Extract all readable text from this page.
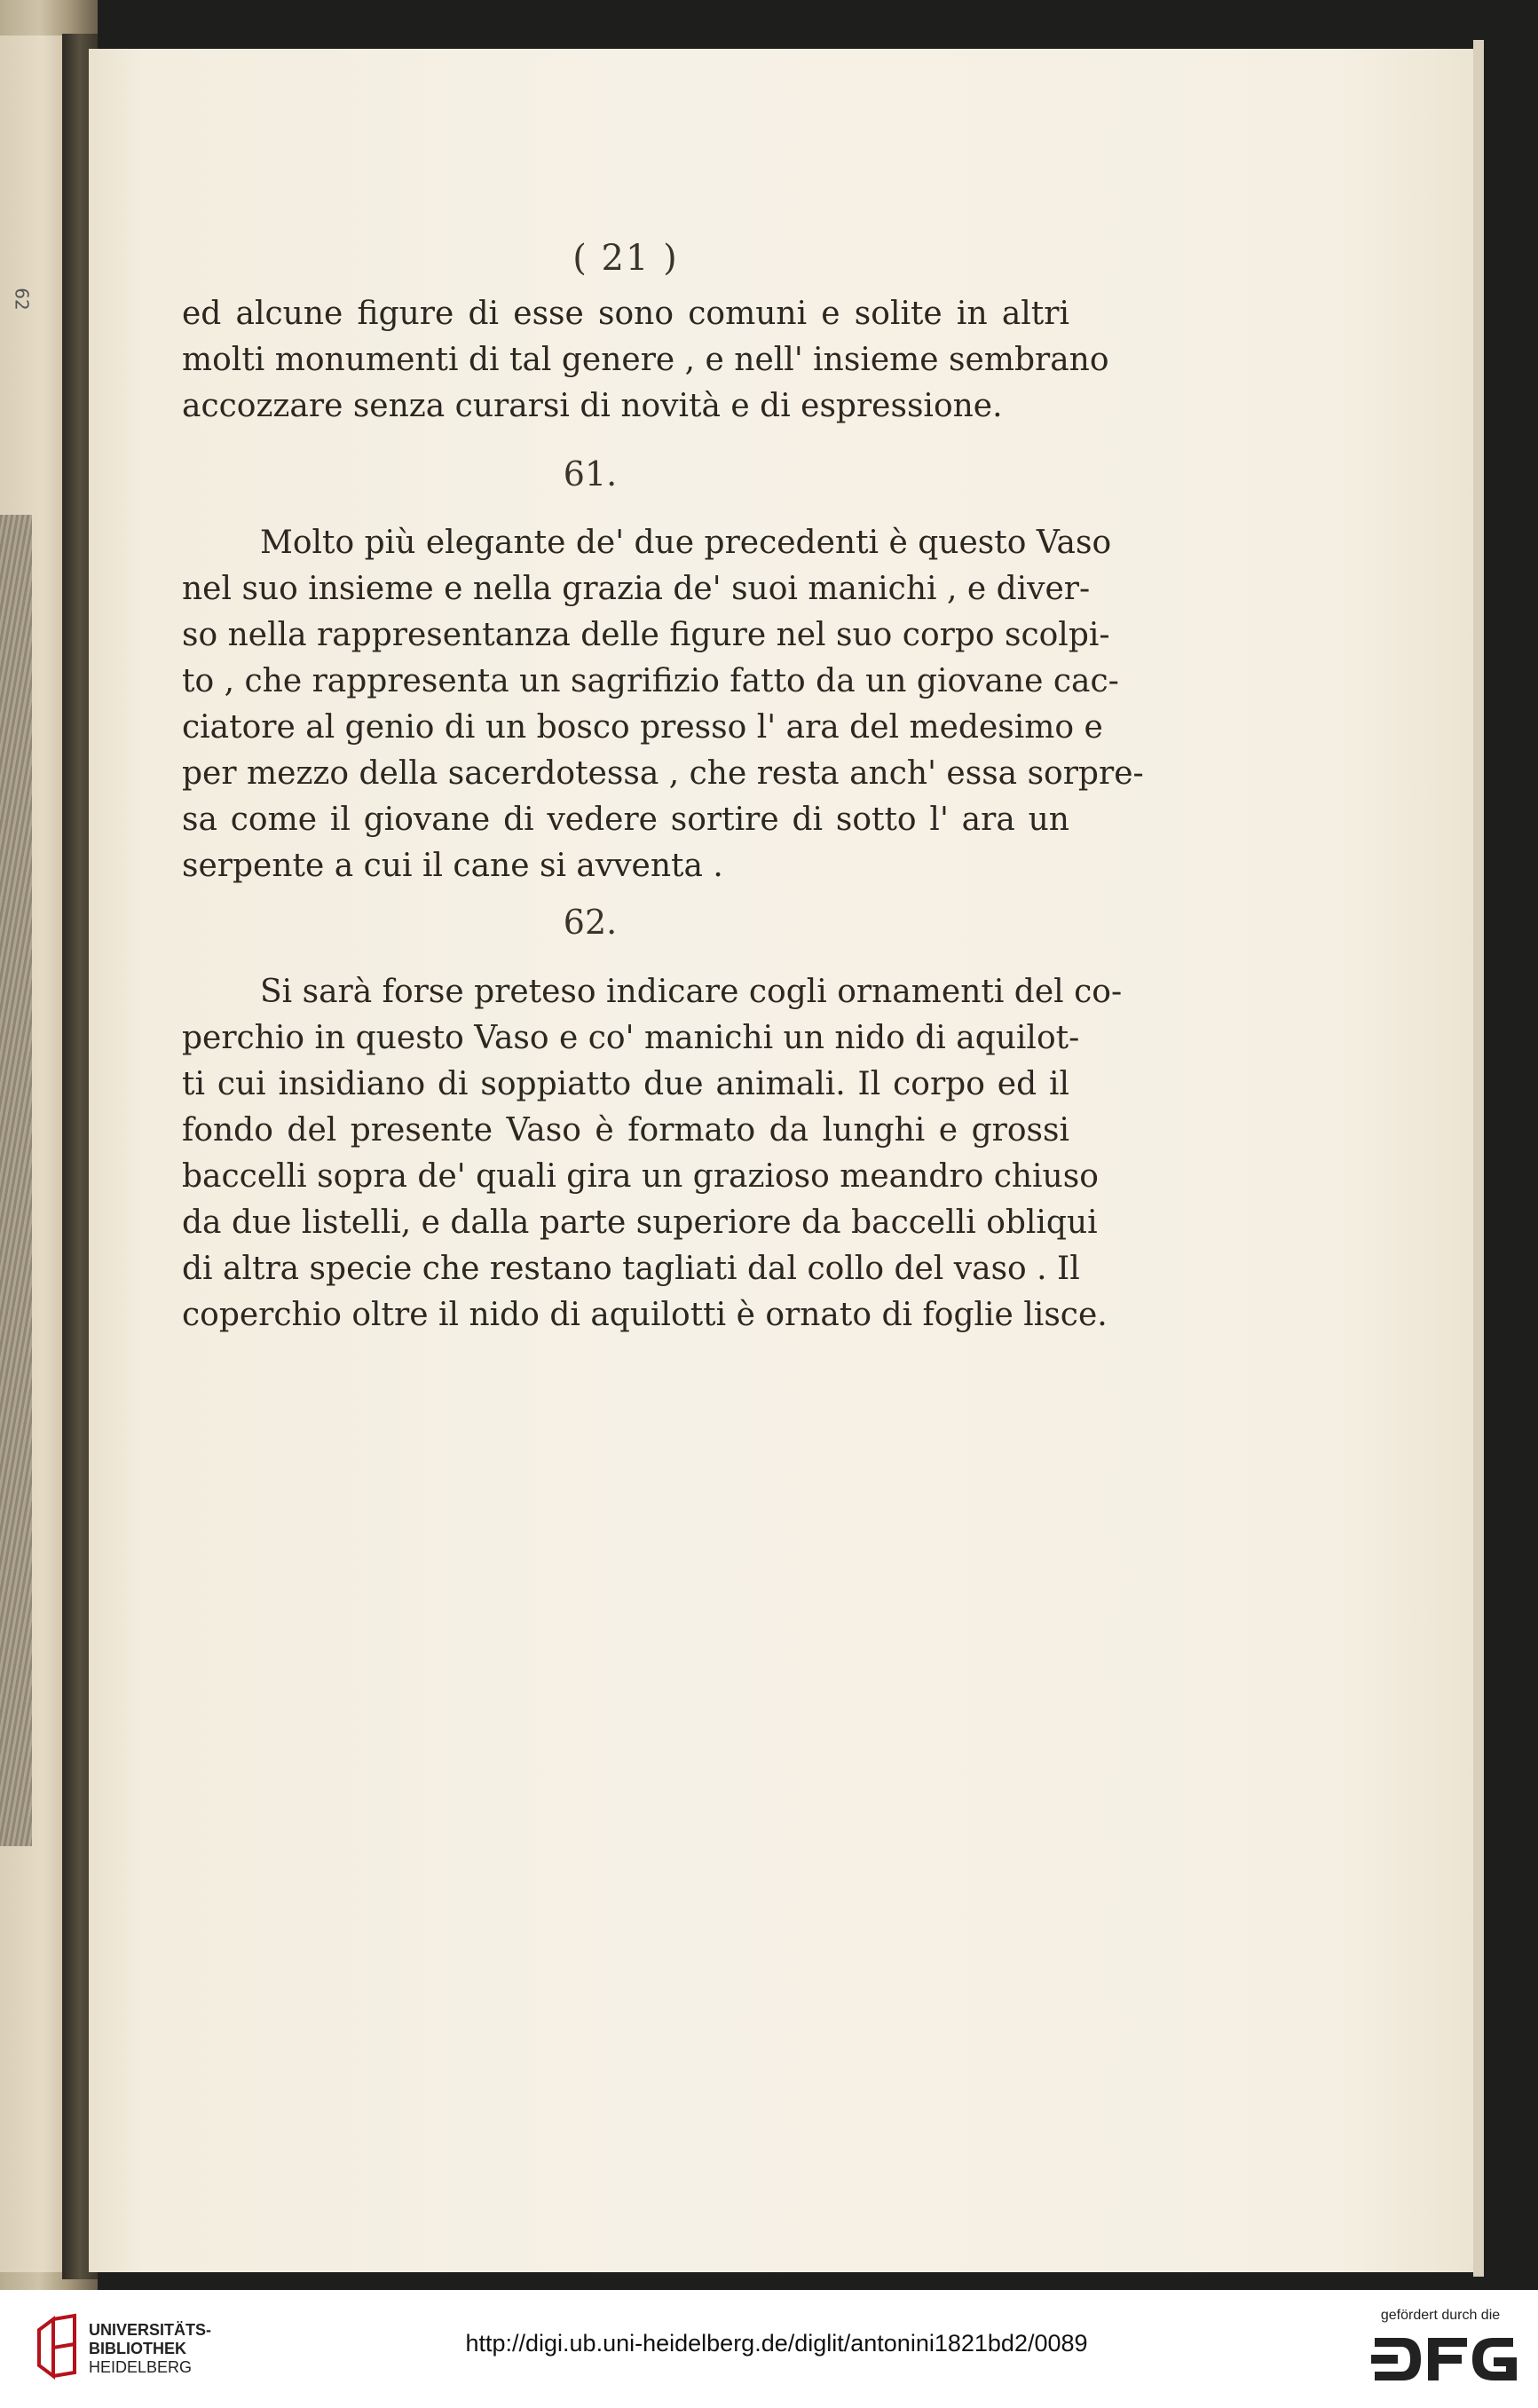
62
( 21 )
ed alcune figure di esse sono comuni e solite in altri
molti monumenti di tal genere , e nell' insieme sembrano
accozzare senza curarsi di novità e di espressione.
61.
Molto più elegante de' due precedenti è questo Vaso
nel suo insieme e nella grazia de' suoi manichi , e diver-
so nella rappresentanza delle figure nel suo corpo scolpi-
to , che rappresenta un sagrifizio fatto da un giovane cac-
ciatore al genio di un bosco presso l' ara del medesimo e
per mezzo della sacerdotessa , che resta anch' essa sorpre-
sa come il giovane di vedere sortire di sotto l' ara un
serpente a cui il cane si avventa .
62.
Si sarà forse preteso indicare cogli ornamenti del co-
perchio in questo Vaso e co' manichi un nido di aquilot-
ti cui insidiano di soppiatto due animali. Il corpo ed il
fondo del presente Vaso è formato da lunghi e grossi
baccelli sopra de' quali gira un grazioso meandro chiuso
da due listelli, e dalla parte superiore da baccelli obliqui
di altra specie che restano tagliati dal collo del vaso . Il
coperchio oltre il nido di aquilotti è ornato di foglie lisce.
UNIVERSITÄTS-
BIBLIOTHEK
HEIDELBERG
http://digi.ub.uni-heidelberg.de/diglit/antonini1821bd2/0089
gefördert durch die
